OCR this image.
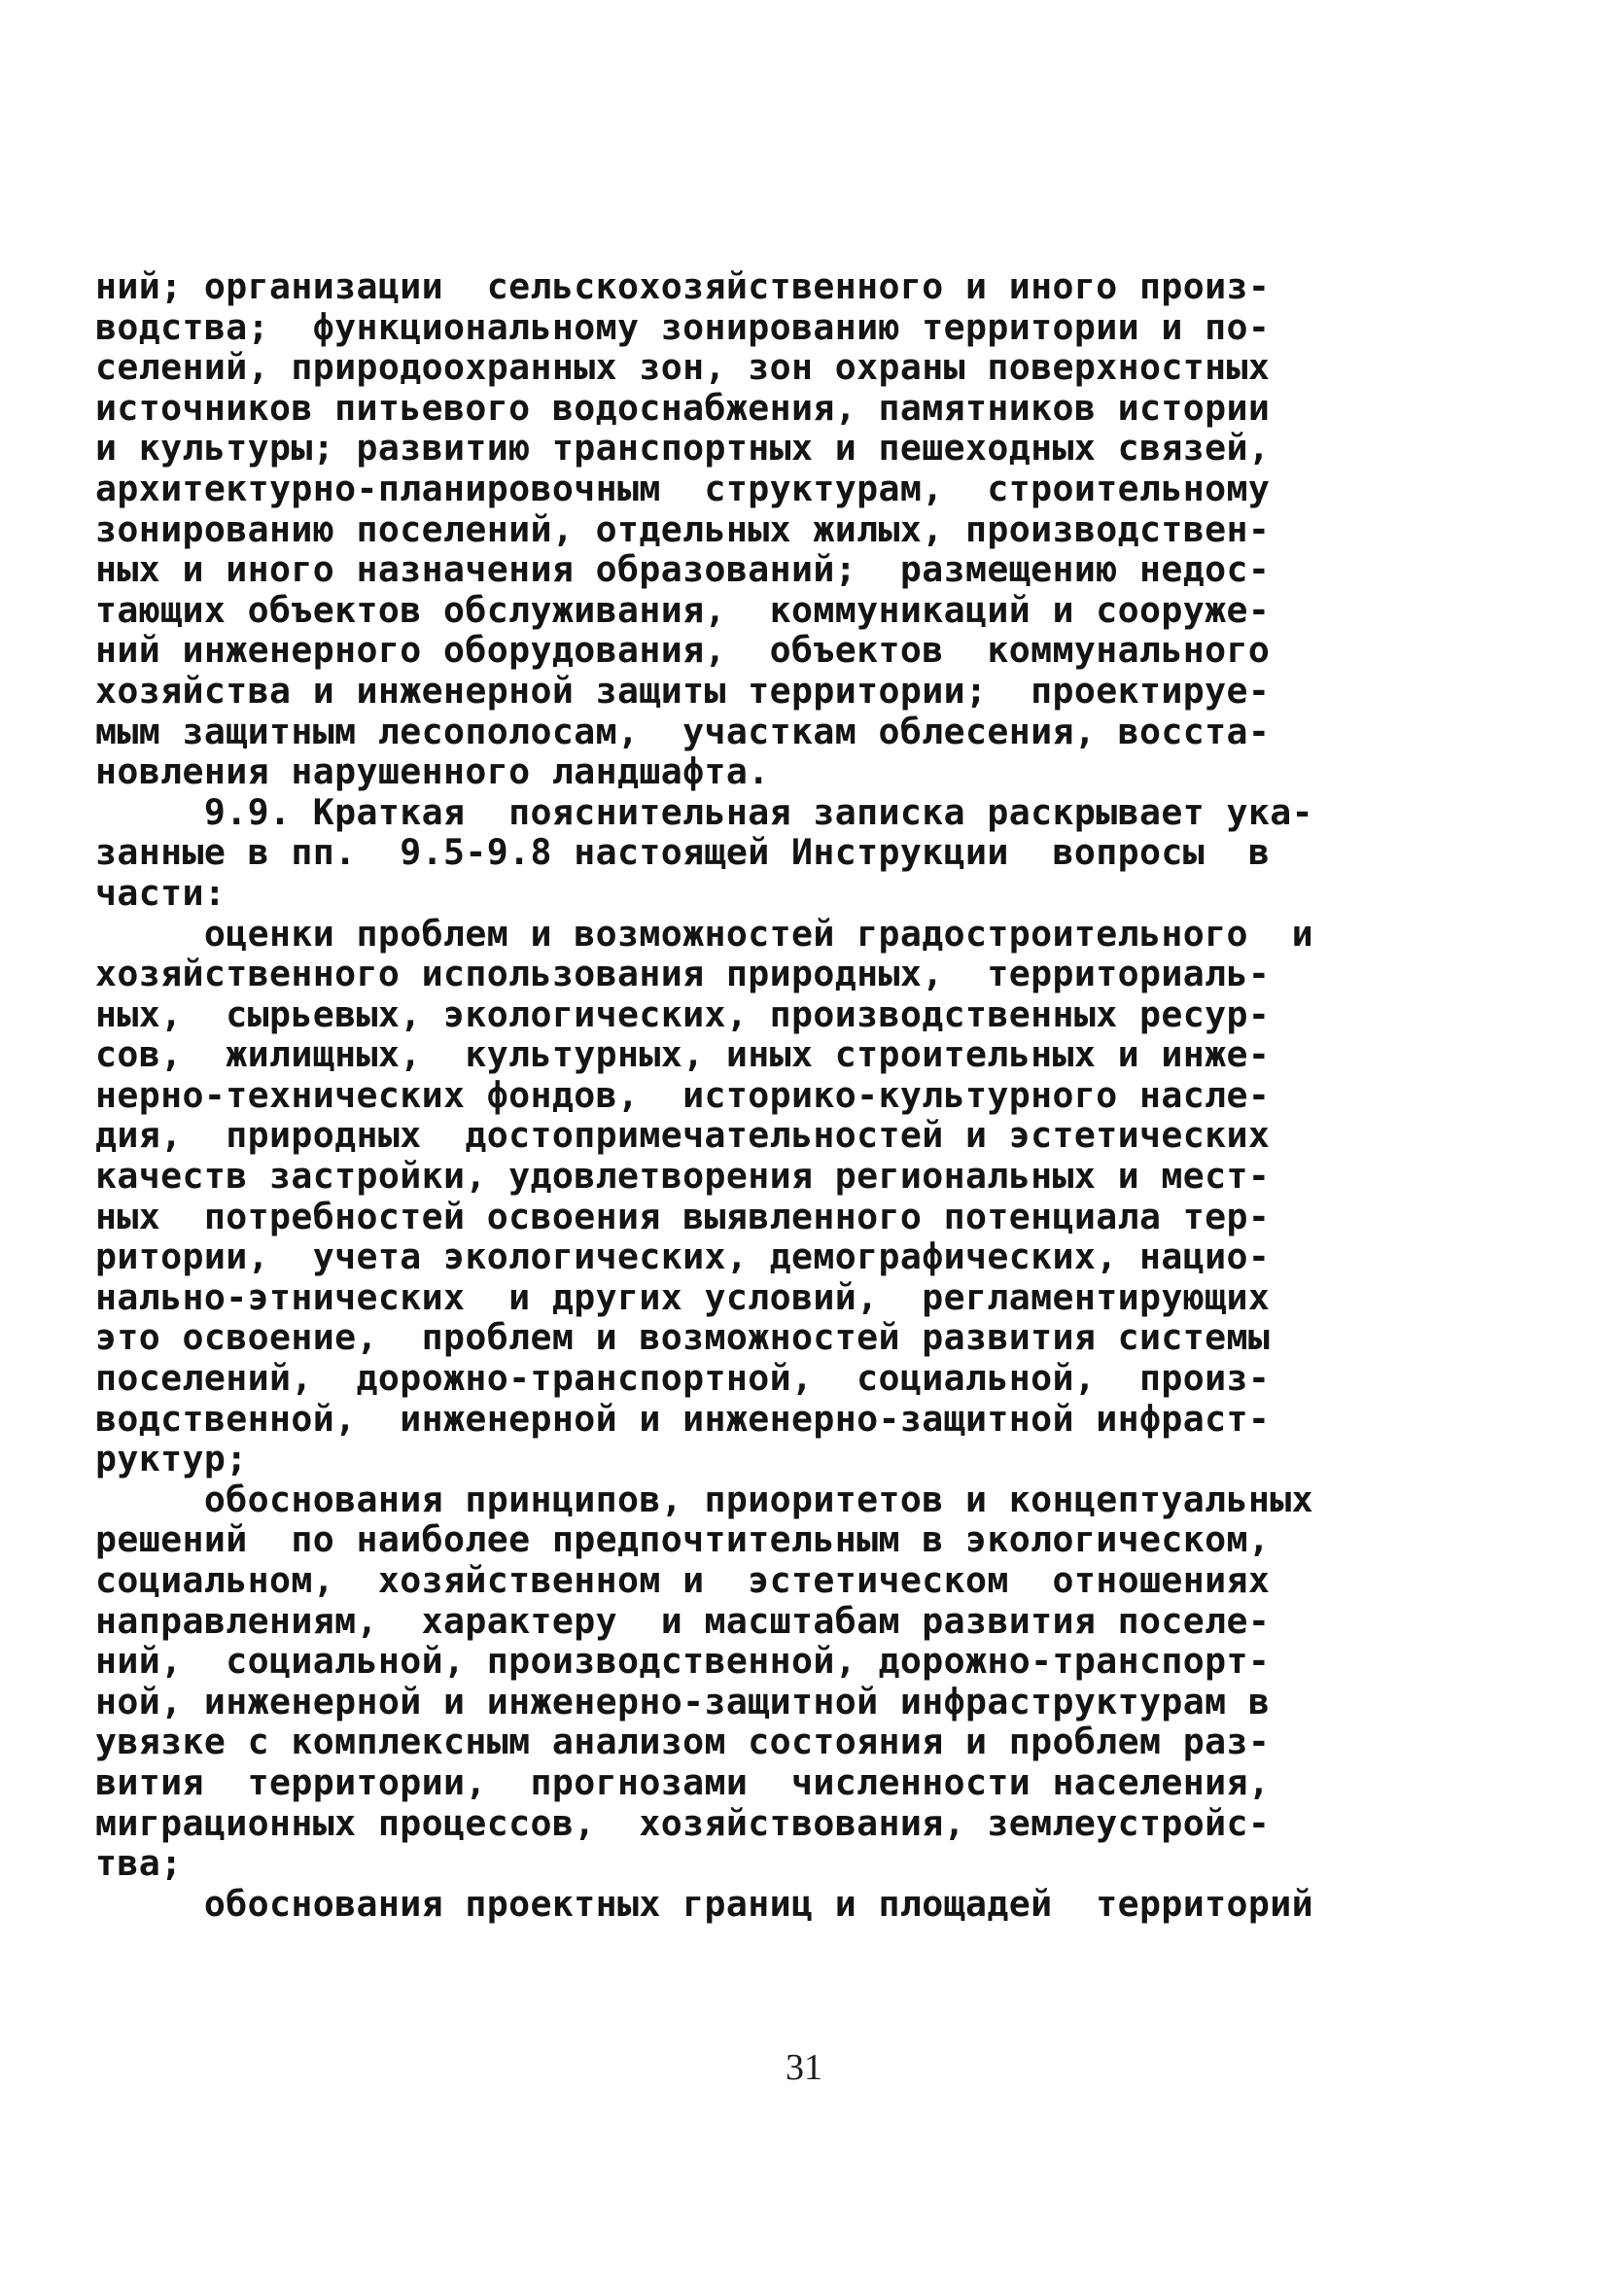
ний; организации  сельскохозяйственного и иного произ-
водства;  функциональному зонированию территории и по-
селений, природоохранных зон, зон охраны поверхностных
источников питьевого водоснабжения, памятников истории
и культуры; развитию транспортных и пешеходных связей,
архитектурно-планировочным  структурам,  строительному
зонированию поселений, отдельных жилых, производствен-
ных и иного назначения образований;  размещению недос-
тающих объектов обслуживания,  коммуникаций и сооруже-
ний инженерного оборудования,  объектов  коммунального
хозяйства и инженерной защиты территории;  проектируе-
мым защитным лесополосам,  участкам облесения, восста-
новления нарушенного ландшафта.
9.9. Краткая  пояснительная записка раскрывает ука-
занные в пп.  9.5-9.8 настоящей Инструкции  вопросы  в
части:
оценки проблем и возможностей градостроительного  и
хозяйственного использования природных,  территориаль-
ных,  сырьевых, экологических, производственных ресур-
сов,  жилищных,  культурных, иных строительных и инже-
нерно-технических фондов,  историко-культурного насле-
дия,  природных  достопримечательностей и эстетических
качеств застройки, удовлетворения региональных и мест-
ных  потребностей освоения выявленного потенциала тер-
ритории,  учета экологических, демографических, нацио-
нально-этнических  и других условий,  регламентирующих
это освоение,  проблем и возможностей развития системы
поселений,  дорожно-транспортной,  социальной,  произ-
водственной,  инженерной и инженерно-защитной инфраст-
руктур;
обоснования принципов, приоритетов и концептуальных
решений  по наиболее предпочтительным в экологическом,
социальном,  хозяйственном и  эстетическом  отношениях
направлениям,  характеру  и масштабам развития поселе-
ний,  социальной, производственной, дорожно-транспорт-
ной, инженерной и инженерно-защитной инфраструктурам в
увязке с комплексным анализом состояния и проблем раз-
вития  территории,  прогнозами  численности населения,
миграционных процессов,  хозяйствования, землеустройс-
тва;
обоснования проектных границ и площадей  территорий
31
